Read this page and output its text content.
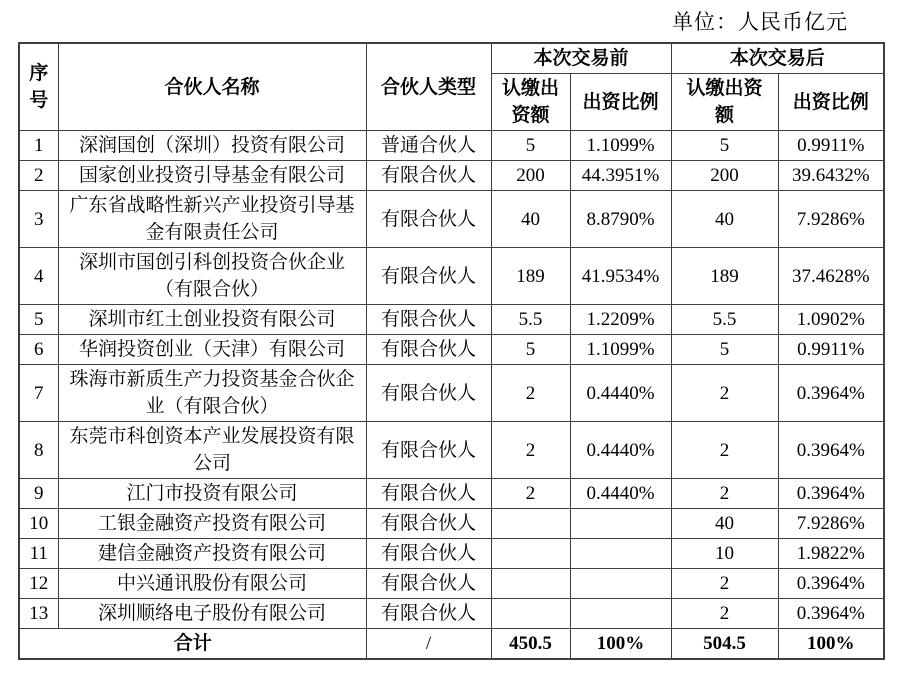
单位：人民币亿元
序号	合伙人名称	合伙人类型	本次交易前		本次交易后	
			认缴出资额	出资比例	认缴出资额	出资比例
1	深润国创（深圳）投资有限公司	普通合伙人	5	1.1099%	5	0.9911%
2	国家创业投资引导基金有限公司	有限合伙人	200	44.3951%	200	39.6432%
3	广东省战略性新兴产业投资引导基金有限责任公司	有限合伙人	40	8.8790%	40	7.9286%
4	深圳市国创引科创投资合伙企业（有限合伙）	有限合伙人	189	41.9534%	189	37.4628%
5	深圳市红土创业投资有限公司	有限合伙人	5.5	1.2209%	5.5	1.0902%
6	华润投资创业（天津）有限公司	有限合伙人	5	1.1099%	5	0.9911%
7	珠海市新质生产力投资基金合伙企业（有限合伙）	有限合伙人	2	0.4440%	2	0.3964%
8	东莞市科创资本产业发展投资有限公司	有限合伙人	2	0.4440%	2	0.3964%
9	江门市投资有限公司	有限合伙人	2	0.4440%	2	0.3964%
10	工银金融资产投资有限公司	有限合伙人			40	7.9286%
11	建信金融资产投资有限公司	有限合伙人			10	1.9822%
12	中兴通讯股份有限公司	有限合伙人			2	0.3964%
13	深圳顺络电子股份有限公司	有限合伙人			2	0.3964%
合计		/	450.5	100%	504.5	100%
